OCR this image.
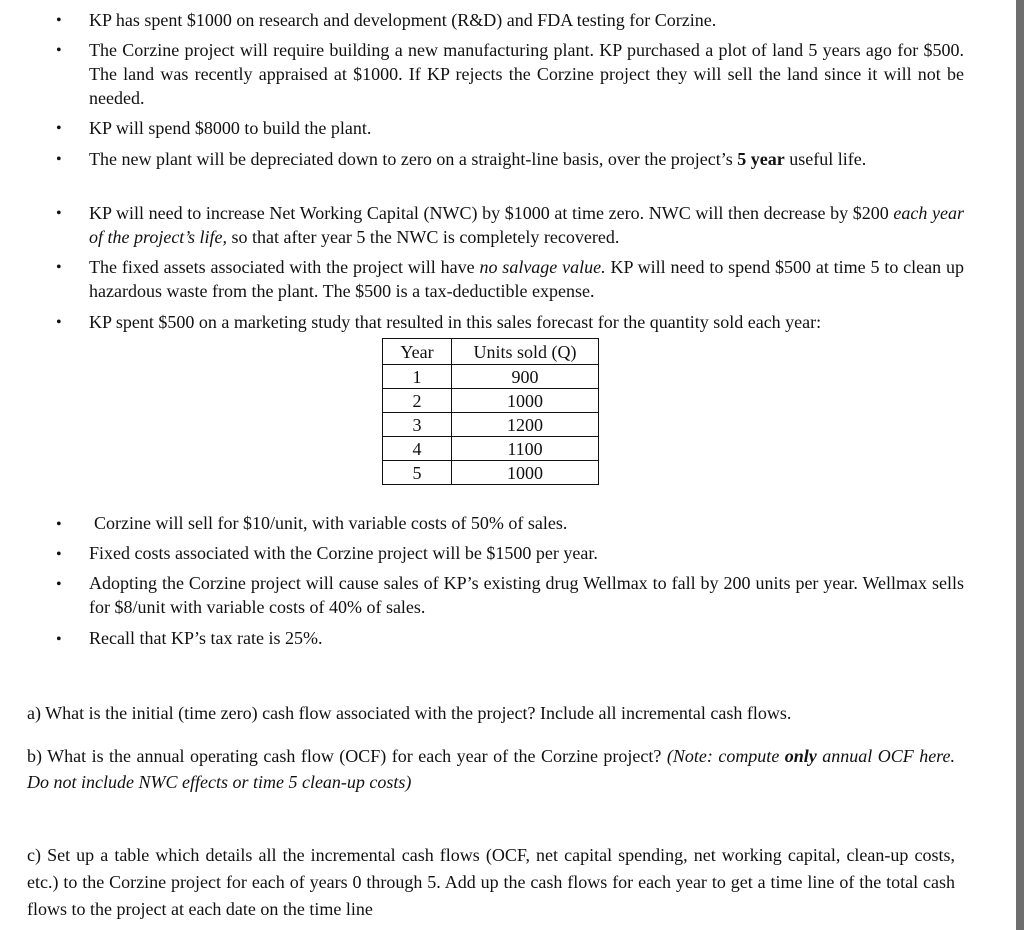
• KP has spent $1000 on research and development (R&D) and FDA testing for Corzine.
• The Corzine project will require building a new manufacturing plant. KP purchased a plot of land 5 years ago for $500. The land was recently appraised at $1000. If KP rejects the Corzine project they will sell the land since it will not be needed.
• KP will spend $8000 to build the plant.
• The new plant will be depreciated down to zero on a straight-line basis, over the project’s 5 year useful life.
• KP will need to increase Net Working Capital (NWC) by $1000 at time zero. NWC will then decrease by $200 each year of the project’s life, so that after year 5 the NWC is completely recovered.
• The fixed assets associated with the project will have no salvage value. KP will need to spend $500 at time 5 to clean up hazardous waste from the plant. The $500 is a tax-deductible expense.
• KP spent $500 on a marketing study that resulted in this sales forecast for the quantity sold each year:
Year	Units sold (Q)
1	900
2	1000
3	1200
4	1100
5	1000
• Corzine will sell for $10/unit, with variable costs of 50% of sales.
• Fixed costs associated with the Corzine project will be $1500 per year.
• Adopting the Corzine project will cause sales of KP’s existing drug Wellmax to fall by 200 units per year. Wellmax sells for $8/unit with variable costs of 40% of sales.
• Recall that KP’s tax rate is 25%.
a) What is the initial (time zero) cash flow associated with the project? Include all incremental cash flows.
b) What is the annual operating cash flow (OCF) for each year of the Corzine project? (Note: compute only annual OCF here. Do not include NWC effects or time 5 clean-up costs)
c) Set up a table which details all the incremental cash flows (OCF, net capital spending, net working capital, clean-up costs, etc.) to the Corzine project for each of years 0 through 5. Add up the cash flows for each year to get a time line of the total cash flows to the project at each date on the time line
